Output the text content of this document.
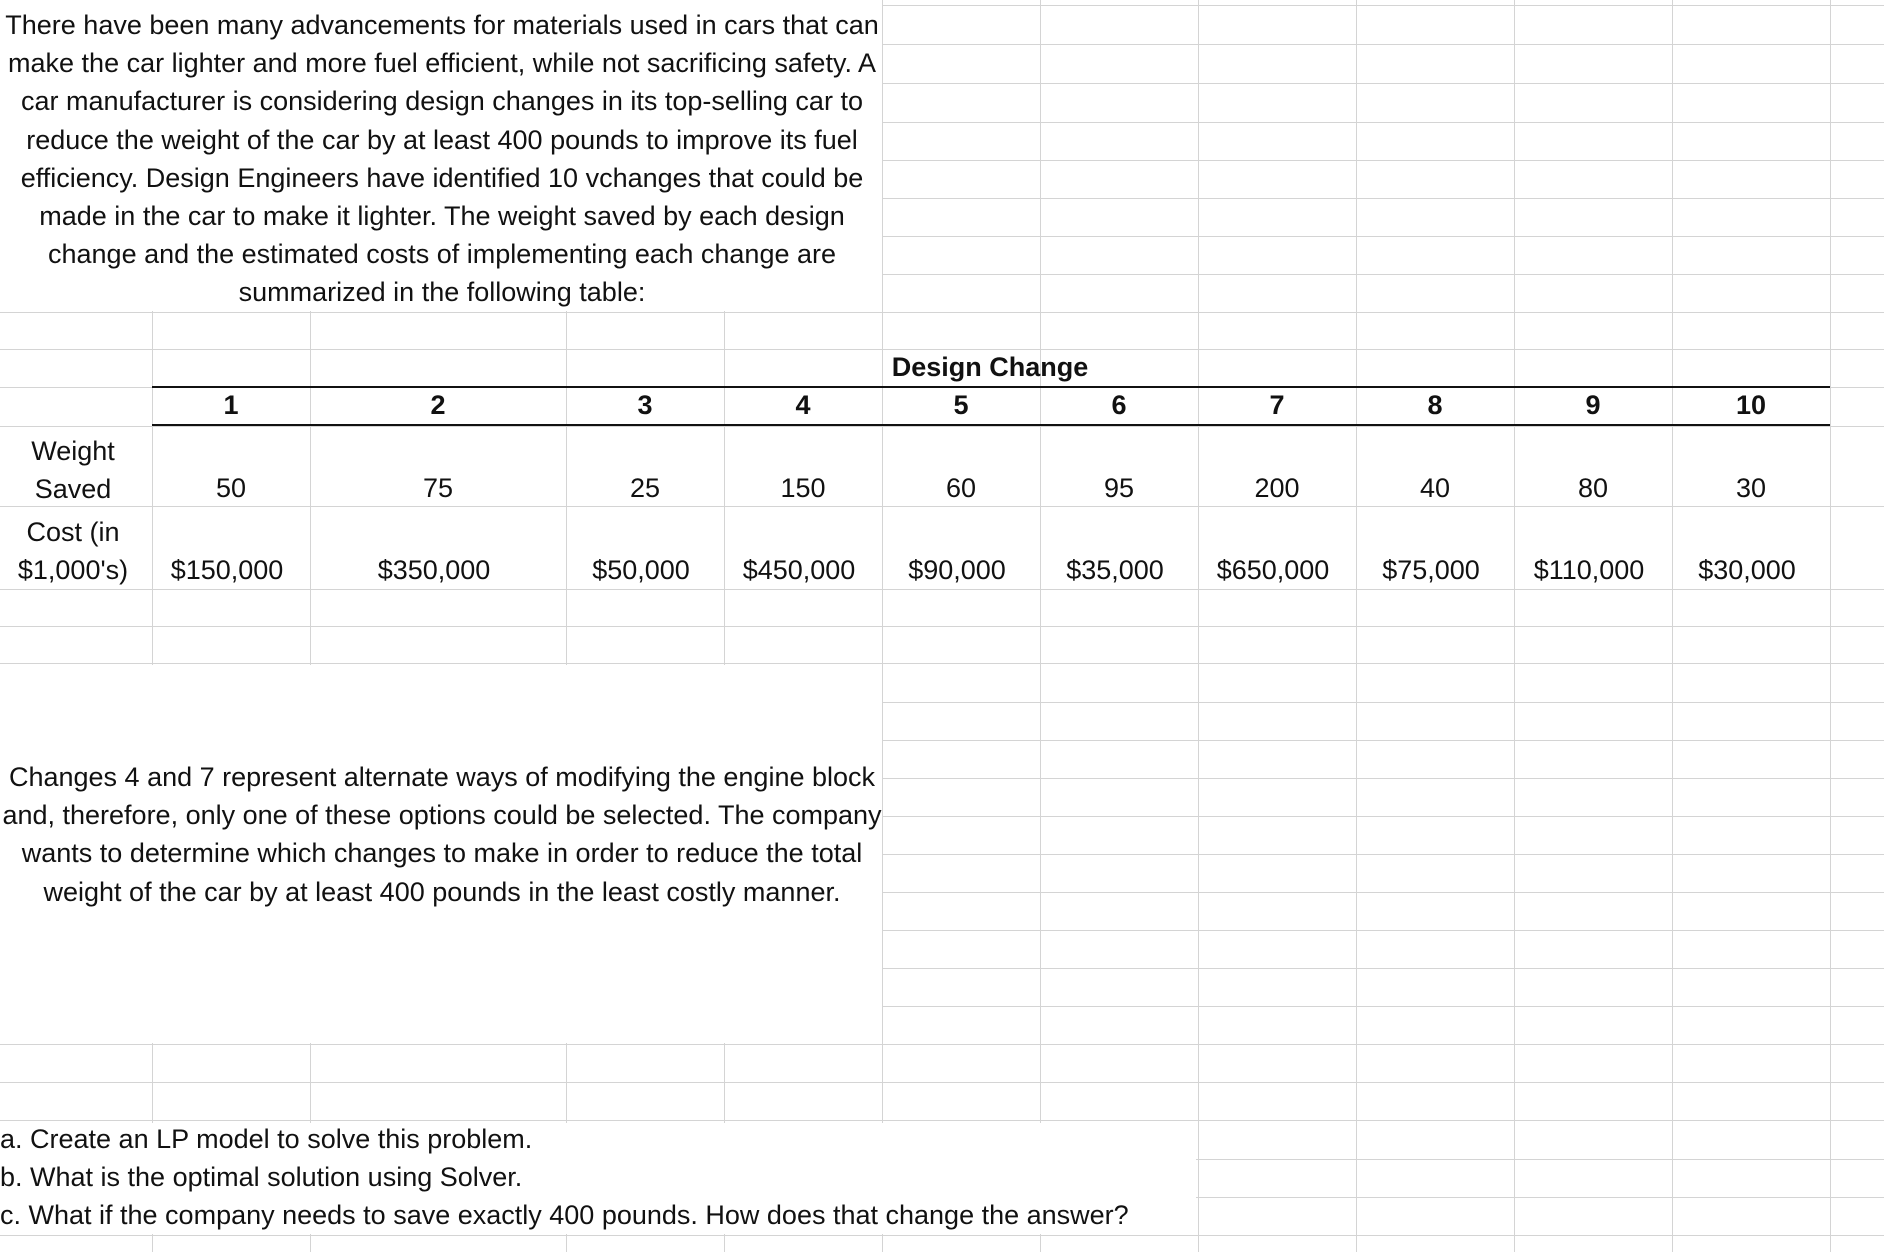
There have been many advancements for materials used in cars that can make the car lighter and more fuel efficient, while not sacrificing safety. A car manufacturer is considering design changes in its top-selling car to reduce the weight of the car by at least 400 pounds to improve its fuel efficiency. Design Engineers have identified 10 vchanges that could be made in the car to make it lighter. The weight saved by each design change and the estimated costs of implementing each change are summarized in the following table:
Design Change
1	2	3	4	5	6	7	8	9	10
Weight
Saved	50	75	25	150	60	95	200	40	80	30
Cost (in
$1,000's)	$150,000	$350,000	$50,000	$450,000	$90,000	$35,000	$650,000	$75,000	$110,000	$30,000
Changes 4 and 7 represent alternate ways of modifying the engine block and, therefore, only one of these options could be selected. The company wants to determine which changes to make in order to reduce the total weight of the car by at least 400 pounds in the least costly manner.
a. Create an LP model to solve this problem.
b. What is the optimal solution using Solver.
c. What if the company needs to save exactly 400 pounds. How does that change the answer?
